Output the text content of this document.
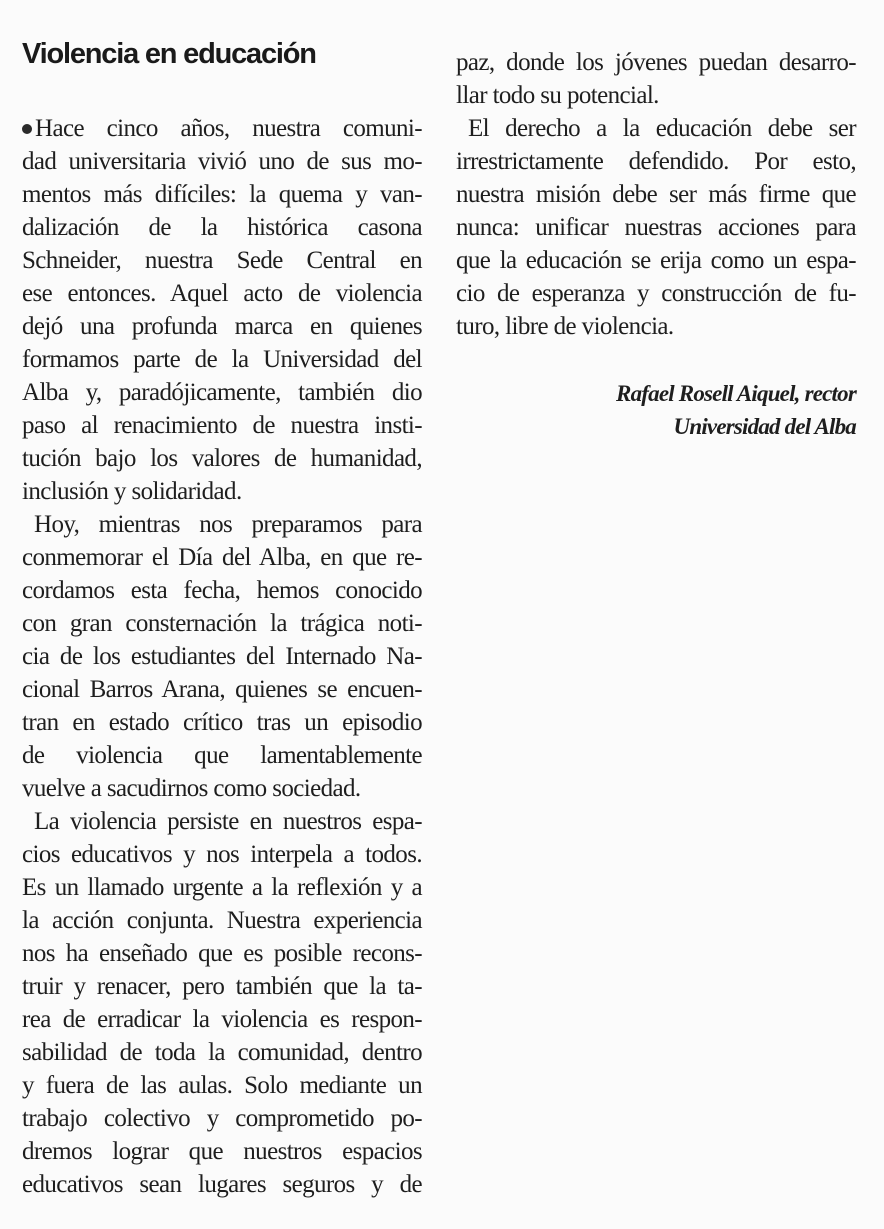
Violencia en educación
Hace cinco años, nuestra comuni-
dad universitaria vivió uno de sus mo-
mentos más difíciles: la quema y van-
dalización de la histórica casona
Schneider, nuestra Sede Central en
ese entonces. Aquel acto de violencia
dejó una profunda marca en quienes
formamos parte de la Universidad del
Alba y, paradójicamente, también dio
paso al renacimiento de nuestra insti-
tución bajo los valores de humanidad,
inclusión y solidaridad.
Hoy, mientras nos preparamos para
conmemorar el Día del Alba, en que re-
cordamos esta fecha, hemos conocido
con gran consternación la trágica noti-
cia de los estudiantes del Internado Na-
cional Barros Arana, quienes se encuen-
tran en estado crítico tras un episodio
de violencia que lamentablemente
vuelve a sacudirnos como sociedad.
La violencia persiste en nuestros espa-
cios educativos y nos interpela a todos.
Es un llamado urgente a la reflexión y a
la acción conjunta. Nuestra experiencia
nos ha enseñado que es posible recons-
truir y renacer, pero también que la ta-
rea de erradicar la violencia es respon-
sabilidad de toda la comunidad, dentro
y fuera de las aulas. Solo mediante un
trabajo colectivo y comprometido po-
dremos lograr que nuestros espacios
educativos sean lugares seguros y de
paz, donde los jóvenes puedan desarro-
llar todo su potencial.
El derecho a la educación debe ser
irrestrictamente defendido. Por esto,
nuestra misión debe ser más firme que
nunca: unificar nuestras acciones para
que la educación se erija como un espa-
cio de esperanza y construcción de fu-
turo, libre de violencia.
Rafael Rosell Aiquel, rector
Universidad del Alba
